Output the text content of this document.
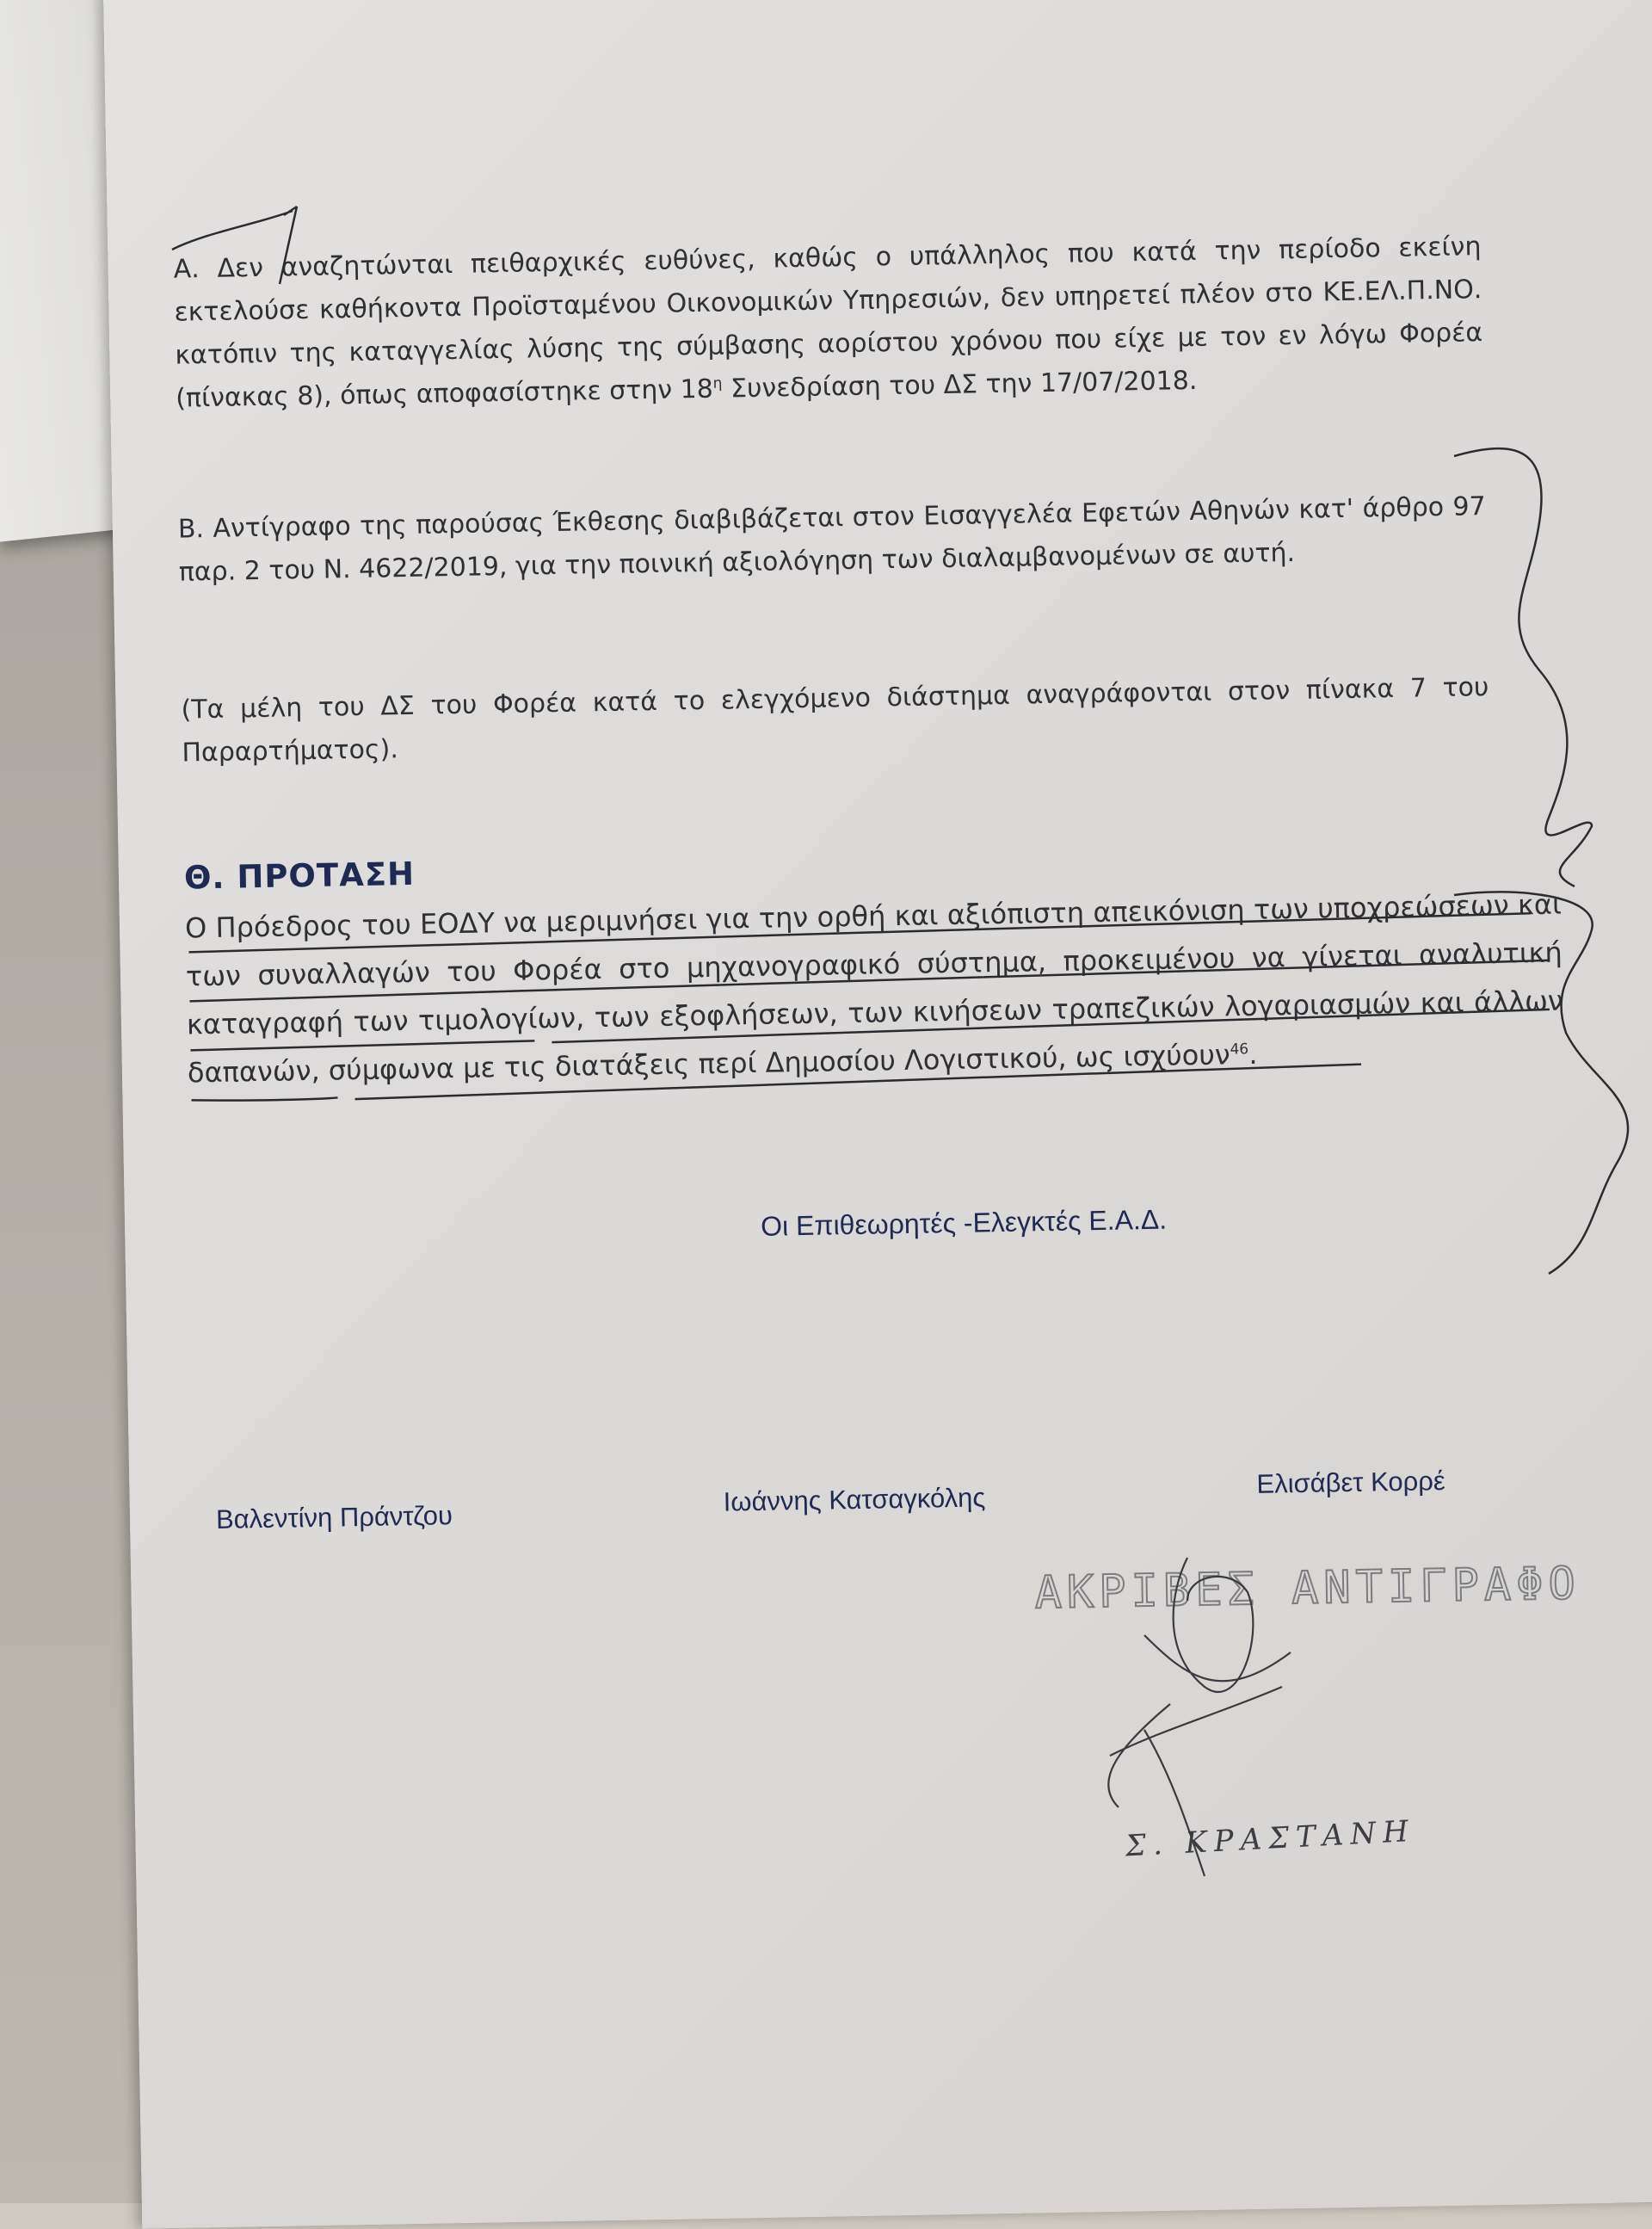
Α. Δεν αναζητώνται πειθαρχικές ευθύνες, καθώς ο υπάλληλος που κατά την περίοδο εκείνη εκτελούσε καθήκοντα Προϊσταμένου Οικονομικών Υπηρεσιών, δεν υπηρετεί πλέον στο ΚΕ.ΕΛ.Π.ΝΟ. κατόπιν της καταγγελίας λύσης της σύμβασης αορίστου χρόνου που είχε με τον εν λόγω Φορέα (πίνακας 8), όπως αποφασίστηκε στην $18^\eta$ Συνεδρίαση του ΔΣ την 17/07/2018.

Β. Αντίγραφο της παρούσας Έκθεσης διαβιβάζεται στον Εισαγγελέα Εφετών Αθηνών κατ' άρθρο 97 παρ. 2 του Ν. 4622/2019, για την ποινική αξιολόγηση των διαλαμβανομένων σε αυτή.

(Τα μέλη του ΔΣ του Φορέα κατά το ελεγχόμενο διάστημα αναγράφονται στον πίνακα 7 του Παραρτήματος).

Θ. ΠΡΟΤΑΣΗ

Ο Πρόεδρος του ΕΟΔΥ να μεριμνήσει για την ορθή και αξιόπιστη απεικόνιση των υποχρεώσεων και των συναλλαγών του Φορέα στο μηχανογραφικό σύστημα, προκειμένου να γίνεται αναλυτική καταγραφή των τιμολογίων, των εξοφλήσεων, των κινήσεων τραπεζικών λογαριασμών και άλλων δαπανών, σύμφωνα με τις διατάξεις περί Δημοσίου Λογιστικού, ως ισχύουν$^{46}$.

Οι Επιθεωρητές -Ελεγκτές Ε.Α.Δ.
Βαλεντίνη Πράντζου
Ιωάννης Κατσαγκόλης	Ελισάβετ Κορρέ
ΑΚΡΙΒΕΣ ΑΝΤΙΓΡΑΦΟ
Σ. ΚΡΑΣΤΑΝΗ
